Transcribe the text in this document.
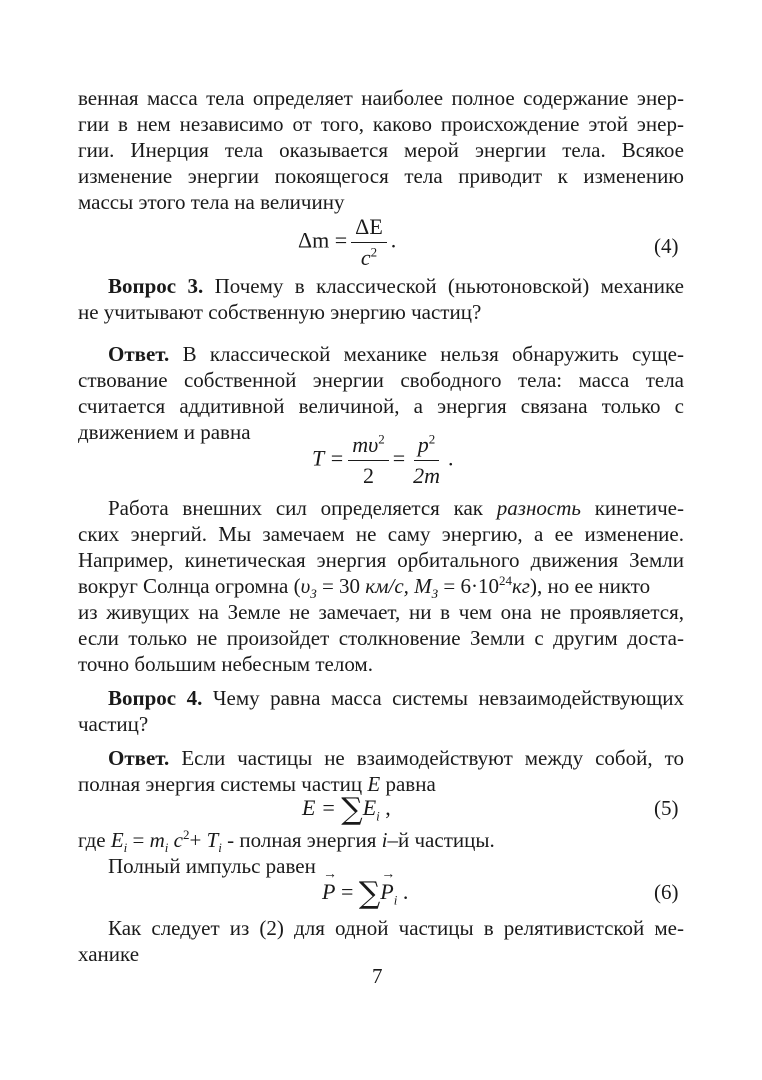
венная масса тела определяет наиболее полное содержание энер-
гии в нем независимо от того, каково происхождение этой энер-
гии. Инерция тела оказывается мерой энергии тела. Всякое
изменение энергии покоящегося тела приводит к изменению
массы этого тела на величину
$\Delta m = \frac{\Delta E}{c^2}$ .	(4)
Вопрос 3. Почему в классической (ньютоновской) механике
не учитывают собственную энергию частиц?
Ответ. В классической механике нельзя обнаружить суще-
ствование собственной энергии свободного тела: масса тела
считается аддитивной величиной, а энергия связана только с
движением и равна
$T = \frac{m\upsilon^2}{2} = \frac{p^2}{2m}$ .
Работа внешних сил определяется как разность кинетиче-
ских энергий. Мы замечаем не саму энергию, а ее изменение.
Например, кинетическая энергия орбитального движения Земли
вокруг Солнца огромна ($\upsilon_З = 30$ км/с, $M_З = 6\cdot 10^{24}кг$), но ее никто
из живущих на Земле не замечает, ни в чем она не проявляется,
если только не произойдет столкновение Земли с другим доста-
точно большим небесным телом.
Вопрос 4. Чему равна масса системы невзаимодействующих
частиц?
Ответ. Если частицы не взаимодействуют между собой, то
полная энергия системы частиц E равна
$E = \sum E_i$ ,	(5)
где $E_i = m_i$ $c^2+ T_i$ - полная энергия i–й частицы.
Полный импульс равен
→ P = ∑→ $P_i$ .	(6)
Как следует из (2) для одной частицы в релятивистской ме-
ханике
7
